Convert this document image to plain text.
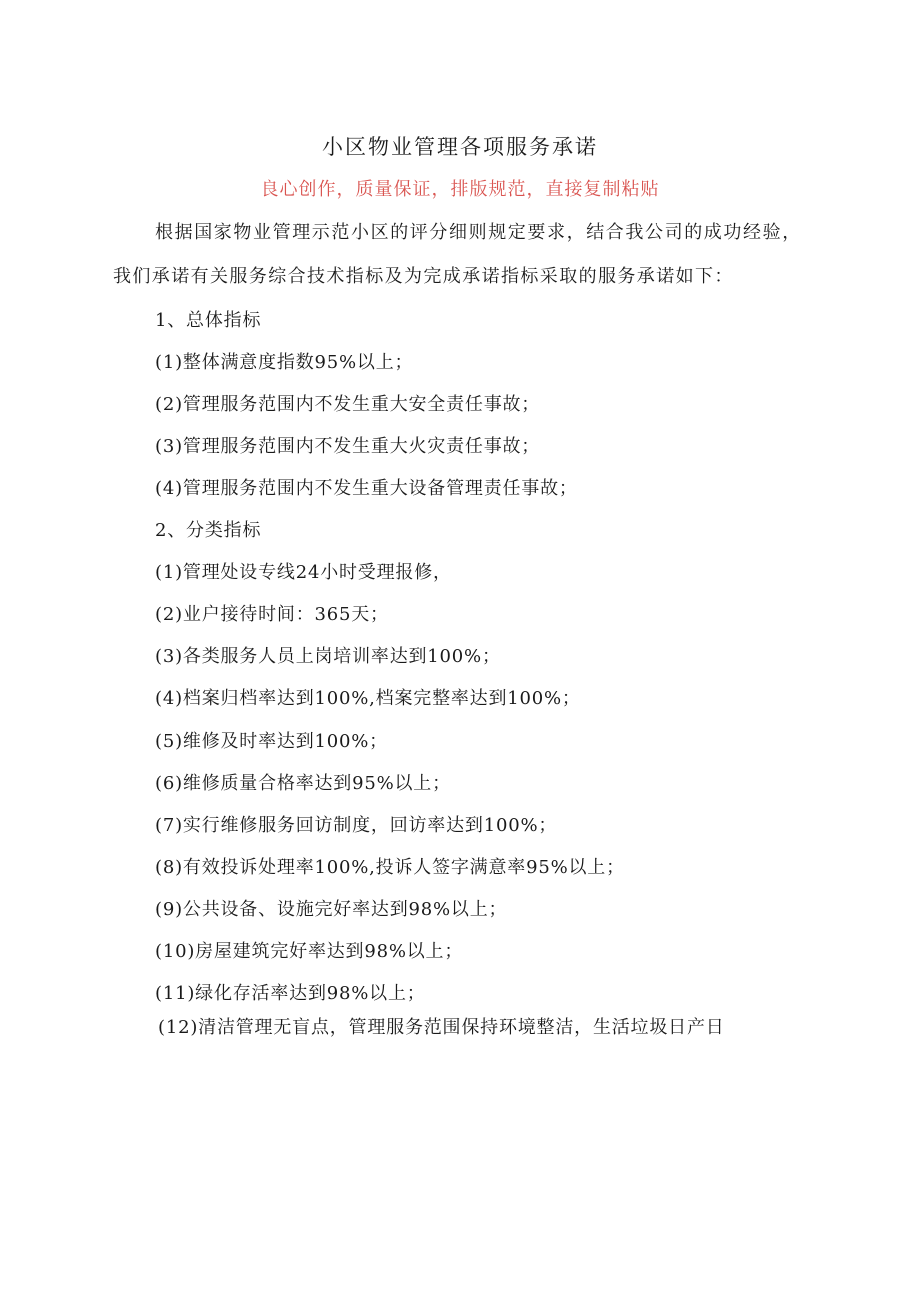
小区物业管理各项服务承诺
良心创作，质量保证，排版规范，直接复制粘贴
根据国家物业管理示范小区的评分细则规定要求，结合我公司的成功经验，
我们承诺有关服务综合技术指标及为完成承诺指标采取的服务承诺如下：
1、总体指标
(1)整体满意度指数95%以上；
(2)管理服务范围内不发生重大安全责任事故；
(3)管理服务范围内不发生重大火灾责任事故；
(4)管理服务范围内不发生重大设备管理责任事故；
2、分类指标
(1)管理处设专线24小时受理报修，
(2)业户接待时间：365天；
(3)各类服务人员上岗培训率达到100%；
(4)档案归档率达到100%,档案完整率达到100%；
(5)维修及时率达到100%；
(6)维修质量合格率达到95%以上；
(7)实行维修服务回访制度，回访率达到100%；
(8)有效投诉处理率100%,投诉人签字满意率95%以上；
(9)公共设备、设施完好率达到98%以上；
(10)房屋建筑完好率达到98%以上；
(11)绿化存活率达到98%以上；
(12)清洁管理无盲点，管理服务范围保持环境整洁，生活垃圾日产日
